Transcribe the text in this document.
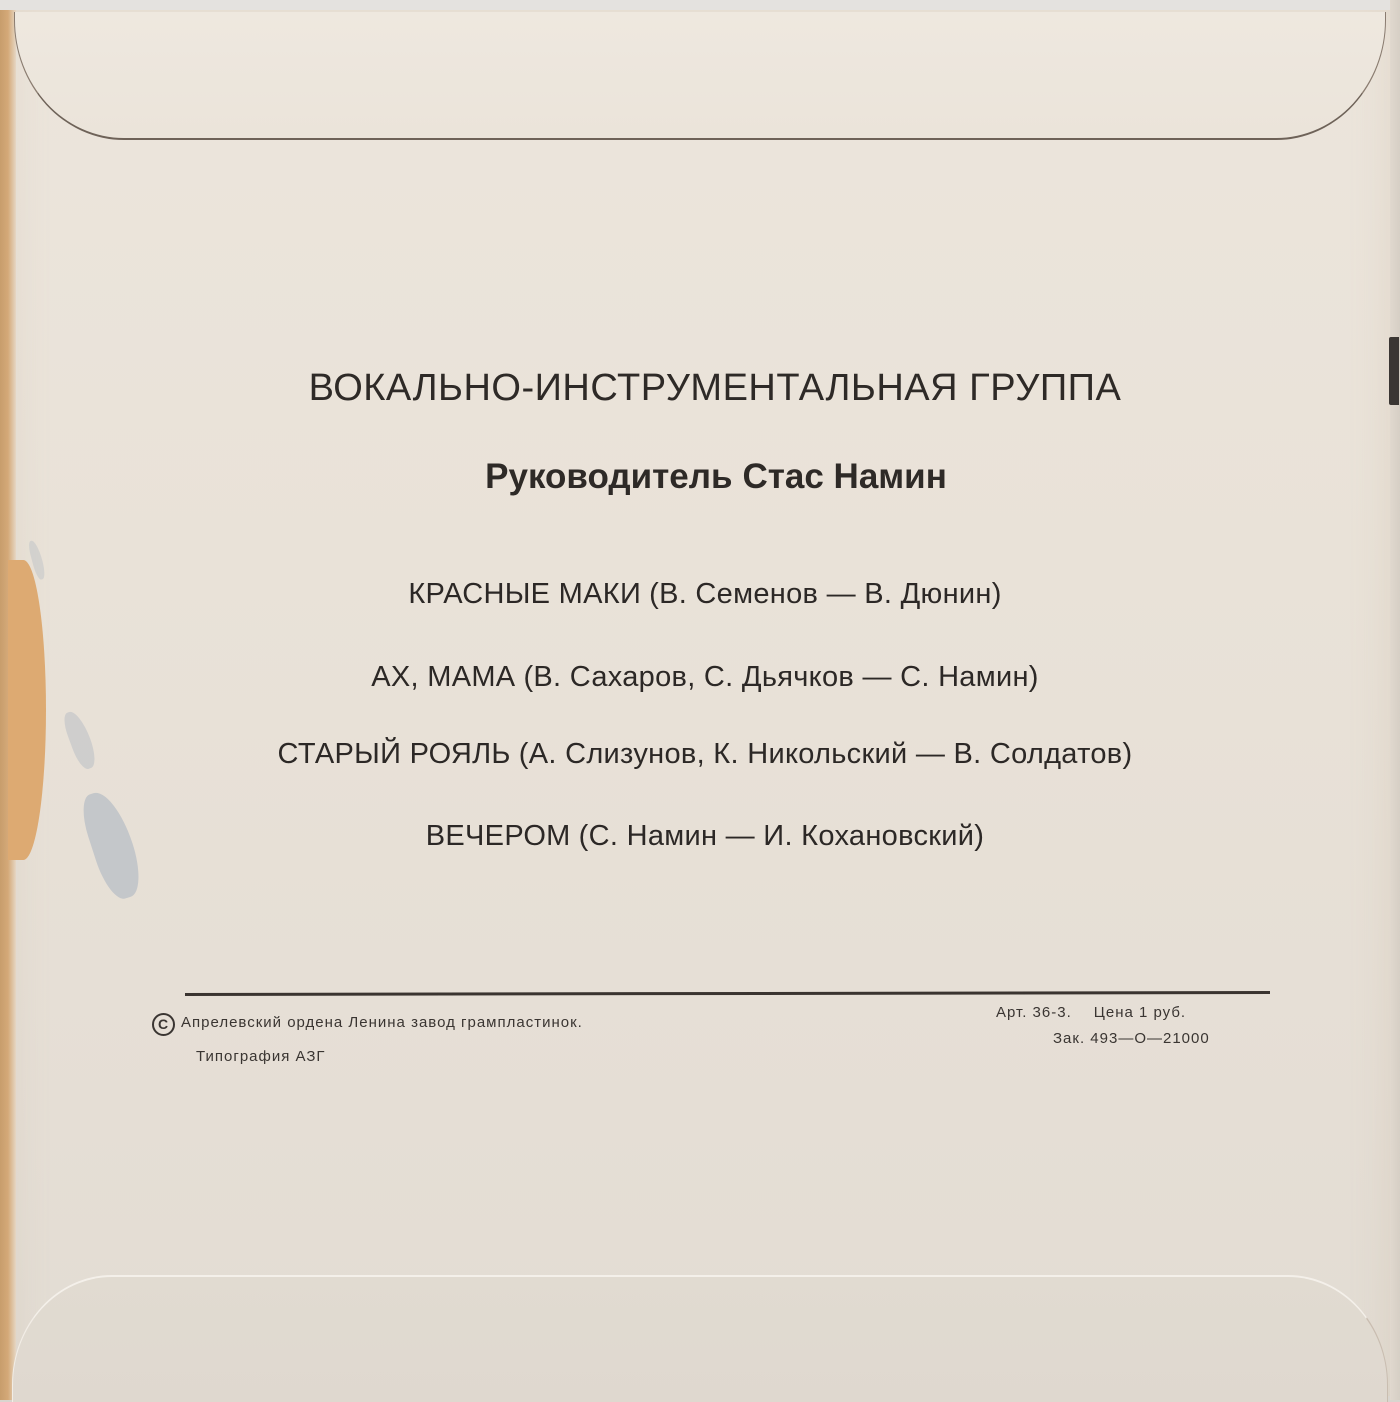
ВОКАЛЬНО-ИНСТРУМЕНТАЛЬНАЯ ГРУППА
Руководитель Стас Намин
КРАСНЫЕ МАКИ (В. Семенов — В. Дюнин)
АХ, МАМА (В. Сахаров, С. Дьячков — С. Намин)
СТАРЫЙ РОЯЛЬ (А. Слизунов, К. Никольский — В. Солдатов)
ВЕЧЕРОМ (С. Намин — И. Кохановский)
C Апрелевский ордена Ленина завод грампластинок.
Типография АЗГ
Арт. 36-3. Цена 1 руб.
Зак. 493—О—21000
